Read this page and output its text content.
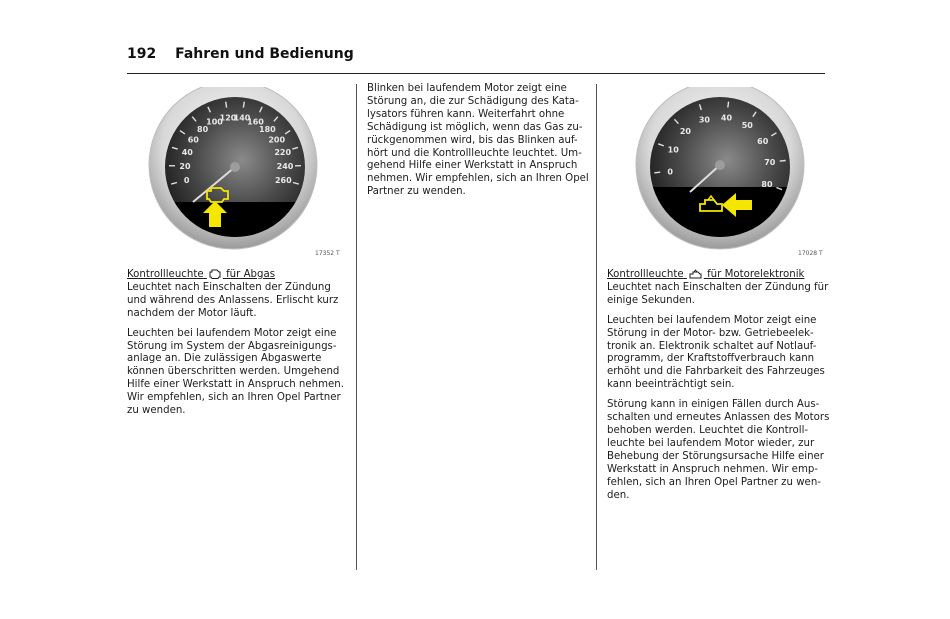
192 Fahren und Bedienung
0
20
40
60
80
100
120
140
160
180
200
220
240
260
17352 T
0
10
20
30 40
50
60
70
80
17028 T

Kontrollleuchte für Abgas

Leuchtet nach Einschalten der Zündung
und während des Anlassens. Erlischt kurz
nachdem der Motor läuft.

Leuchten bei laufendem Motor zeigt eine
Störung im System der Abgasreinigungs-
anlage an. Die zulässigen Abgaswerte
können überschritten werden. Umgehend
Hilfe einer Werkstatt in Anspruch nehmen.
Wir empfehlen, sich an Ihren Opel Partner
zu wenden.

Blinken bei laufendem Motor zeigt eine
Störung an, die zur Schädigung des Kata-
lysators führen kann. Weiterfahrt ohne
Schädigung ist möglich, wenn das Gas zu-
rückgenommen wird, bis das Blinken auf-
hört und die Kontrollleuchte leuchtet. Um-
gehend Hilfe einer Werkstatt in Anspruch
nehmen. Wir empfehlen, sich an Ihren Opel
Partner zu wenden.

Kontrollleuchte für Motorelektronik

Leuchtet nach Einschalten der Zündung für
einige Sekunden.

Leuchten bei laufendem Motor zeigt eine
Störung in der Motor- bzw. Getriebeelek-
tronik an. Elektronik schaltet auf Notlauf-
programm, der Kraftstoffverbrauch kann
erhöht und die Fahrbarkeit des Fahrzeuges
kann beeinträchtigt sein.

Störung kann in einigen Fällen durch Aus-
schalten und erneutes Anlassen des Motors
behoben werden. Leuchtet die Kontroll-
leuchte bei laufendem Motor wieder, zur
Behebung der Störungsursache Hilfe einer
Werkstatt in Anspruch nehmen. Wir emp-
fehlen, sich an Ihren Opel Partner zu wen-
den.
